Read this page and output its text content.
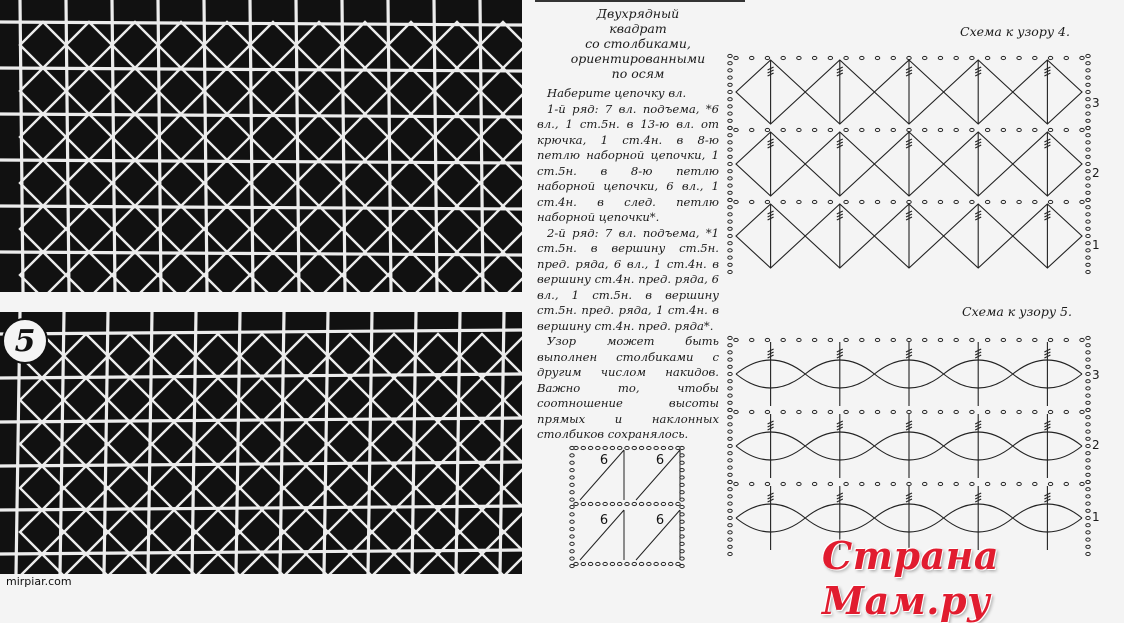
5
mirpiar.com
Двухрядный
квадрат
со столбиками,
ориентированными
по осям

Наберите цепочку вл.

1-й ряд: 7 вл. подъема, *6 вл., 1 ст.5н. в 13-ю вл. от крючка, 1 ст.4н. в 8-ю петлю наборной цепочки, 1 ст.5н. в 8-ю петлю наборной цепочки, 6 вл., 1 ст.4н. в след. петлю наборной цепочки*.

2-й ряд: 7 вл. подъема, *1 ст.5н. в вершину ст.5н. пред. ряда, 6 вл., 1 ст.4н. в вершину ст.4н. пред. ряда, 6 вл., 1 ст.5н. в вершину ст.5н. пред. ряда, 1 ст.4н. в вершину ст.4н. пред. ряда*.

Узор может быть выполнен столбиками с другим числом накидов. Важно то, чтобы соотношение высоты прямых и наклонных столбиков сохранялось.

6	6
6	6
Схема к узору 4.
3
2
1
Схема к узору 5.
3
2
1
Страна Мам.ру
